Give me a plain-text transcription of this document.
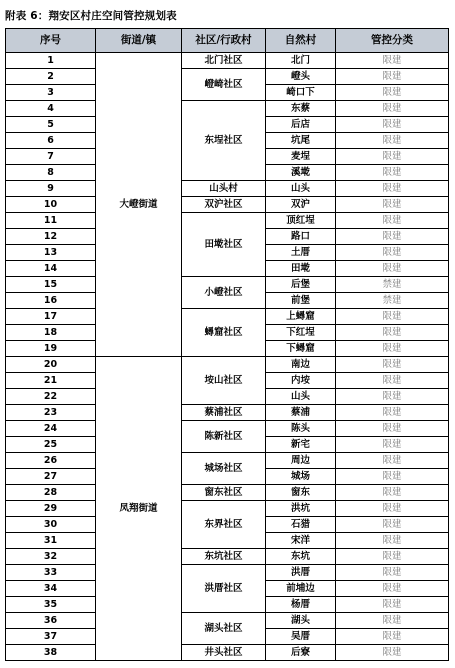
附表 6：翔安区村庄空间管控规划表
序号	街道/镇	社区/行政村	自然村	管控分类
1	大嶝街道	北门社区	北门	限建
2		嶝崎社区	嶝头	限建
3			崎口下	限建
4		东埕社区	东蔡	限建
5			后店	限建
6			坑尾	限建
7			麦埕	限建
8			溪墘	限建
9		山头村	山头	限建
10		双沪社区	双沪	限建
11		田墘社区	顶红埕	限建
12			路口	限建
13			土厝	限建
14			田墘	限建
15		小嶝社区	后堡	禁建
16			前堡	禁建
17		蟳窟社区	上蟳窟	限建
18			下红埕	限建
19			下蟳窟	限建
20	凤翔街道	垵山社区	南边	限建
21			内垵	限建
22			山头	限建
23		蔡浦社区	蔡浦	限建
24		陈新社区	陈头	限建
25			新宅	限建
26		城场社区	周边	限建
27			城场	限建
28		窗东社区	窗东	限建
29		东界社区	洪坑	限建
30			石猎	限建
31			宋洋	限建
32		东坑社区	东坑	限建
33		洪厝社区	洪厝	限建
34			前埔边	限建
35			杨厝	限建
36		湖头社区	湖头	限建
37			吴厝	限建
38		井头社区	后寮	限建
